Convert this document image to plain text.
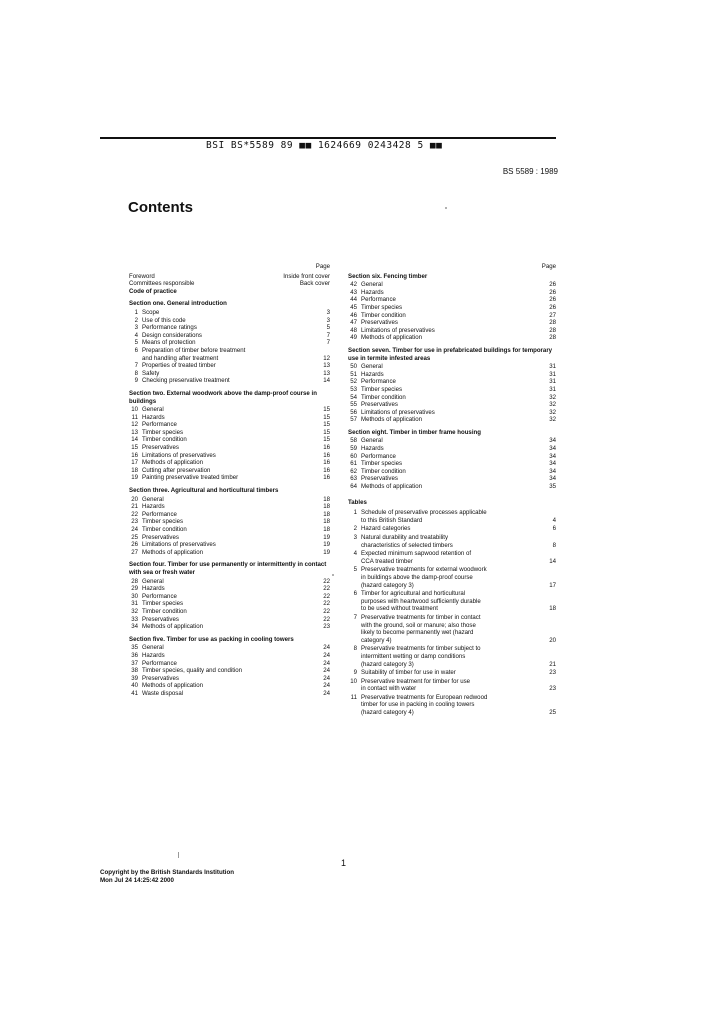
BSI BS*5589 89 ■■ 1624669 0243428 5 ■■
BS 5589 : 1989
Contents
Page
Foreword	Inside front cover
Committees responsible	Back cover
Code of practice
Section one. General introduction
1 Scope	3
2 Use of this code	3
3 Performance ratings	5
4 Design considerations	7
5 Means of protection	7
6 Preparation of timber before treatment
and handling after treatment	12
7 Properties of treated timber	13
8 Safety	13
9 Checking preservative treatment	14
Section two. External woodwork above the damp-proof course in buildings
10 General	15
11 Hazards	15
12 Performance	15
13 Timber species	15
14 Timber condition	15
15 Preservatives	16
16 Limitations of preservatives	16
17 Methods of application	16
18 Cutting after preservation	16
19 Painting preservative treated timber	16
Section three. Agricultural and horticultural timbers
20 General	18
21 Hazards	18
22 Performance	18
23 Timber species	18
24 Timber condition	18
25 Preservatives	19
26 Limitations of preservatives	19
27 Methods of application	19
Section four. Timber for use permanently or intermittently in contact with sea or fresh water
28 General	22
29 Hazards	22
30 Performance	22
31 Timber species	22
32 Timber condition	22
33 Preservatives	22
34 Methods of application	23
Section five. Timber for use as packing in cooling towers
35 General	24
36 Hazards	24
37 Performance	24
38 Timber species, quality and condition	24
39 Preservatives	24
40 Methods of application	24
41 Waste disposal	24
Page
Section six. Fencing timber
42 General	26
43 Hazards	26
44 Performance	26
45 Timber species	26
46 Timber condition	27
47 Preservatives	28
48 Limitations of preservatives	28
49 Methods of application	28
Section seven. Timber for use in prefabricated buildings for temporary use in termite infested areas
50 General	31
51 Hazards	31
52 Performance	31
53 Timber species	31
54 Timber condition	32
55 Preservatives	32
56 Limitations of preservatives	32
57 Methods of application	32
Section eight. Timber in timber frame housing
58 General	34
59 Hazards	34
60 Performance	34
61 Timber species	34
62 Timber condition	34
63 Preservatives	34
64 Methods of application	35
Tables
1 Schedule of preservative processes applicable
to this British Standard	4
2 Hazard categories	6
3 Natural durability and treatability
characteristics of selected timbers	8
4 Expected minimum sapwood retention of
CCA treated timber	14
5 Preservative treatments for external woodwork
in buildings above the damp-proof course
(hazard category 3)	17
6 Timber for agricultural and horticultural
purposes with heartwood sufficiently durable
to be used without treatment	18
7 Preservative treatments for timber in contact
with the ground, soil or manure; also those
likely to become permanently wet (hazard
category 4)	20
8 Preservative treatments for timber subject to
intermittent wetting or damp conditions
(hazard category 3)	21
9 Suitability of timber for use in water	23
10 Preservative treatment for timber for use
in contact with water	23
11 Preservative treatments for European redwood
timber for use in packing in cooling towers
(hazard category 4)	25
1
Copyright by the British Standards Institution
Mon Jul 24 14:25:42 2000
